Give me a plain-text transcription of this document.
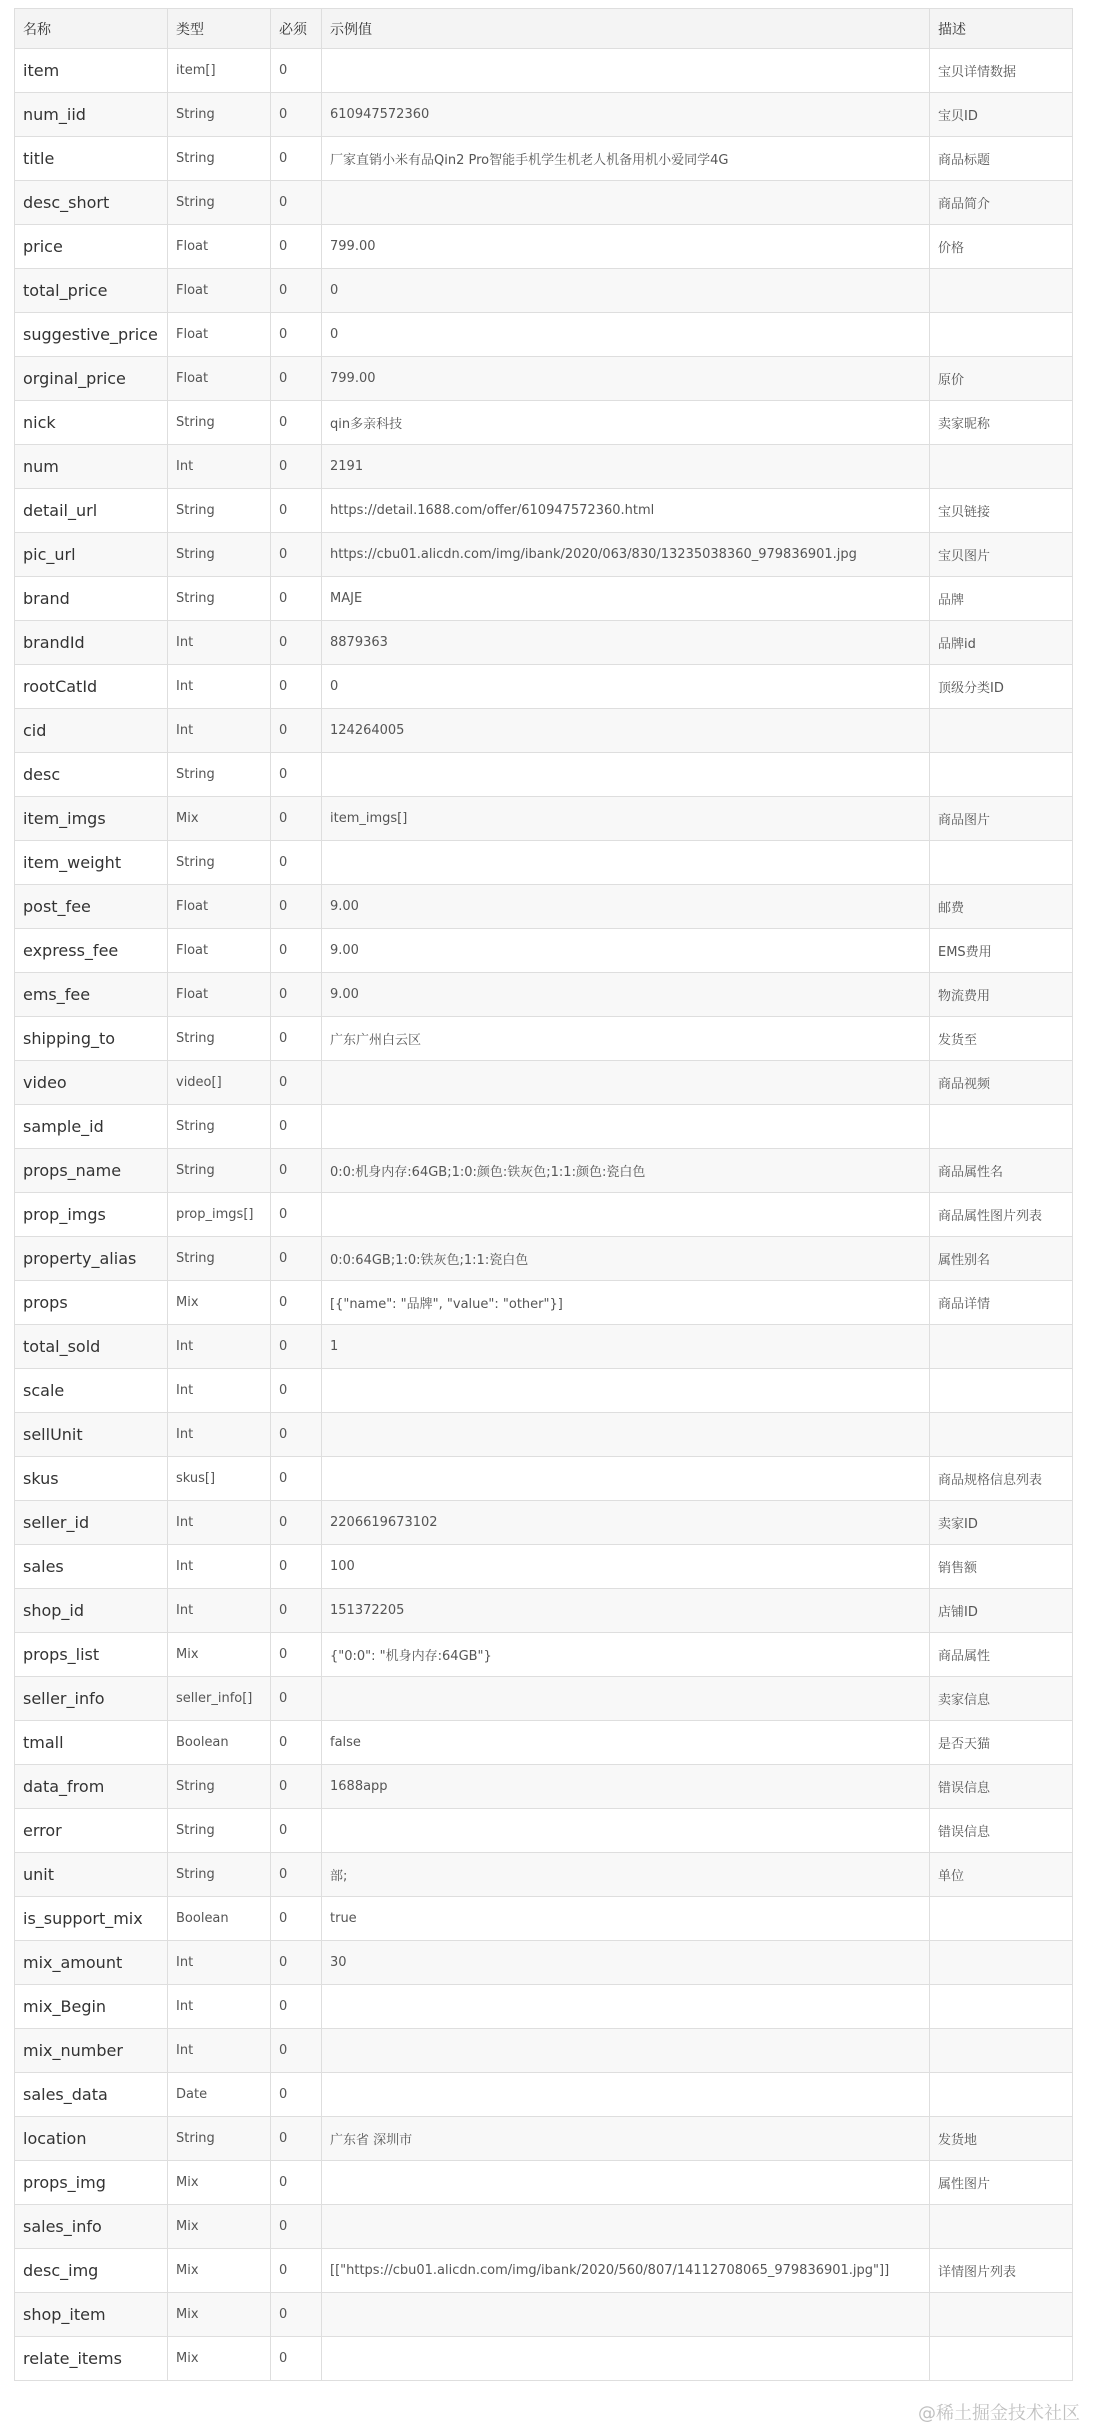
名称	类型	必须	示例值	描述
item	item[]	0		宝贝详情数据
num_iid	String	0	610947572360	宝贝ID
title	String	0	厂家直销小米有品Qin2 Pro智能手机学生机老人机备用机小爱同学4G	商品标题
desc_short	String	0		商品简介
price	Float	0	799.00	价格
total_price	Float	0	0	
suggestive_price	Float	0	0	
orginal_price	Float	0	799.00	原价
nick	String	0	qin多亲科技	卖家昵称
num	Int	0	2191	
detail_url	String	0	https://detail.1688.com/offer/610947572360.html	宝贝链接
pic_url	String	0	https://cbu01.alicdn.com/img/ibank/2020/063/830/13235038360_979836901.jpg	宝贝图片
brand	String	0	MAJE	品牌
brandId	Int	0	8879363	品牌id
rootCatId	Int	0	0	顶级分类ID
cid	Int	0	124264005	
desc	String	0		
item_imgs	Mix	0	item_imgs[]	商品图片
item_weight	String	0		
post_fee	Float	0	9.00	邮费
express_fee	Float	0	9.00	EMS费用
ems_fee	Float	0	9.00	物流费用
shipping_to	String	0	广东广州白云区	发货至
video	video[]	0		商品视频
sample_id	String	0		
props_name	String	0	0:0:机身内存:64GB;1:0:颜色:铁灰色;1:1:颜色:瓷白色	商品属性名
prop_imgs	prop_imgs[]	0		商品属性图片列表
property_alias	String	0	0:0:64GB;1:0:铁灰色;1:1:瓷白色	属性别名
props	Mix	0	[{"name": "品牌", "value": "other"}]	商品详情
total_sold	Int	0	1	
scale	Int	0		
sellUnit	Int	0		
skus	skus[]	0		商品规格信息列表
seller_id	Int	0	2206619673102	卖家ID
sales	Int	0	100	销售额
shop_id	Int	0	151372205	店铺ID
props_list	Mix	0	{"0:0": "机身内存:64GB"}	商品属性
seller_info	seller_info[]	0		卖家信息
tmall	Boolean	0	false	是否天猫
data_from	String	0	1688app	错误信息
error	String	0		错误信息
unit	String	0	部;	单位
is_support_mix	Boolean	0	true	
mix_amount	Int	0	30	
mix_Begin	Int	0		
mix_number	Int	0		
sales_data	Date	0		
location	String	0	广东省 深圳市	发货地
props_img	Mix	0		属性图片
sales_info	Mix	0		
desc_img	Mix	0	[["https://cbu01.alicdn.com/img/ibank/2020/560/807/14112708065_979836901.jpg"]]	详情图片列表
shop_item	Mix	0		
relate_items	Mix	0		
@稀土掘金技术社区
